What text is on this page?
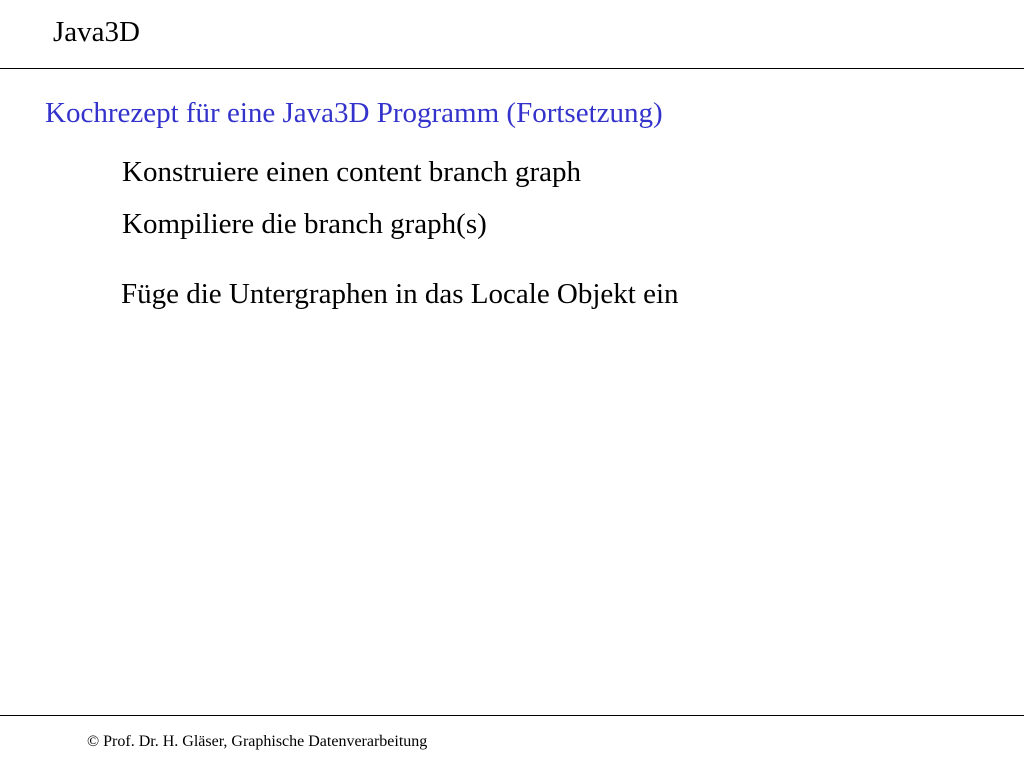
Java3D
Kochrezept für eine Java3D Programm (Fortsetzung)
Konstruiere einen content branch graph
Kompiliere die branch graph(s)
Füge die Untergraphen in das Locale Objekt ein
© Prof. Dr. H. Gläser, Graphische Datenverarbeitung
